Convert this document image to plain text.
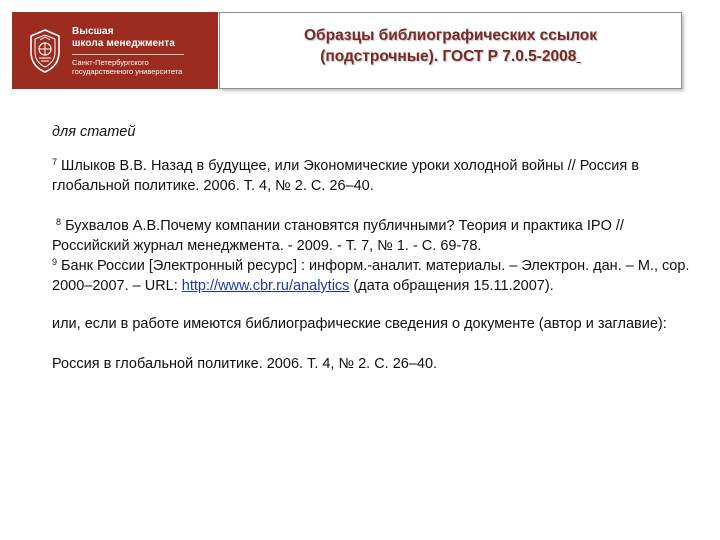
Высшая
школа менеджмента
Санкт-Петербургского
государственного университета
Образцы библиографических ссылок
(подстрочные). ГОСТ Р 7.0.5-2008

для статей

$^7$ Шлыков В.В. Назад в будущее, или Экономические уроки холодной войны // Россия в глобальной политике. 2006. Т. 4, № 2. С. 26–40.

$^8$ Бухвалов А.В.Почему компании становятся публичными? Теория и практика IPO // Российский журнал менеджмента. - 2009. - Т. 7, № 1. - С. 69-78.

$^9$ Банк России [Электронный ресурс] : информ.-аналит. материалы. – Электрон. дан. – М., cop. 2000–2007. – URL: http://www.cbr.ru/analytics (дата обращения 15.11.2007).

или, если в работе имеются библиографические сведения о документе (автор и заглавие):

Россия в глобальной политике. 2006. Т. 4, № 2. С. 26–40.
